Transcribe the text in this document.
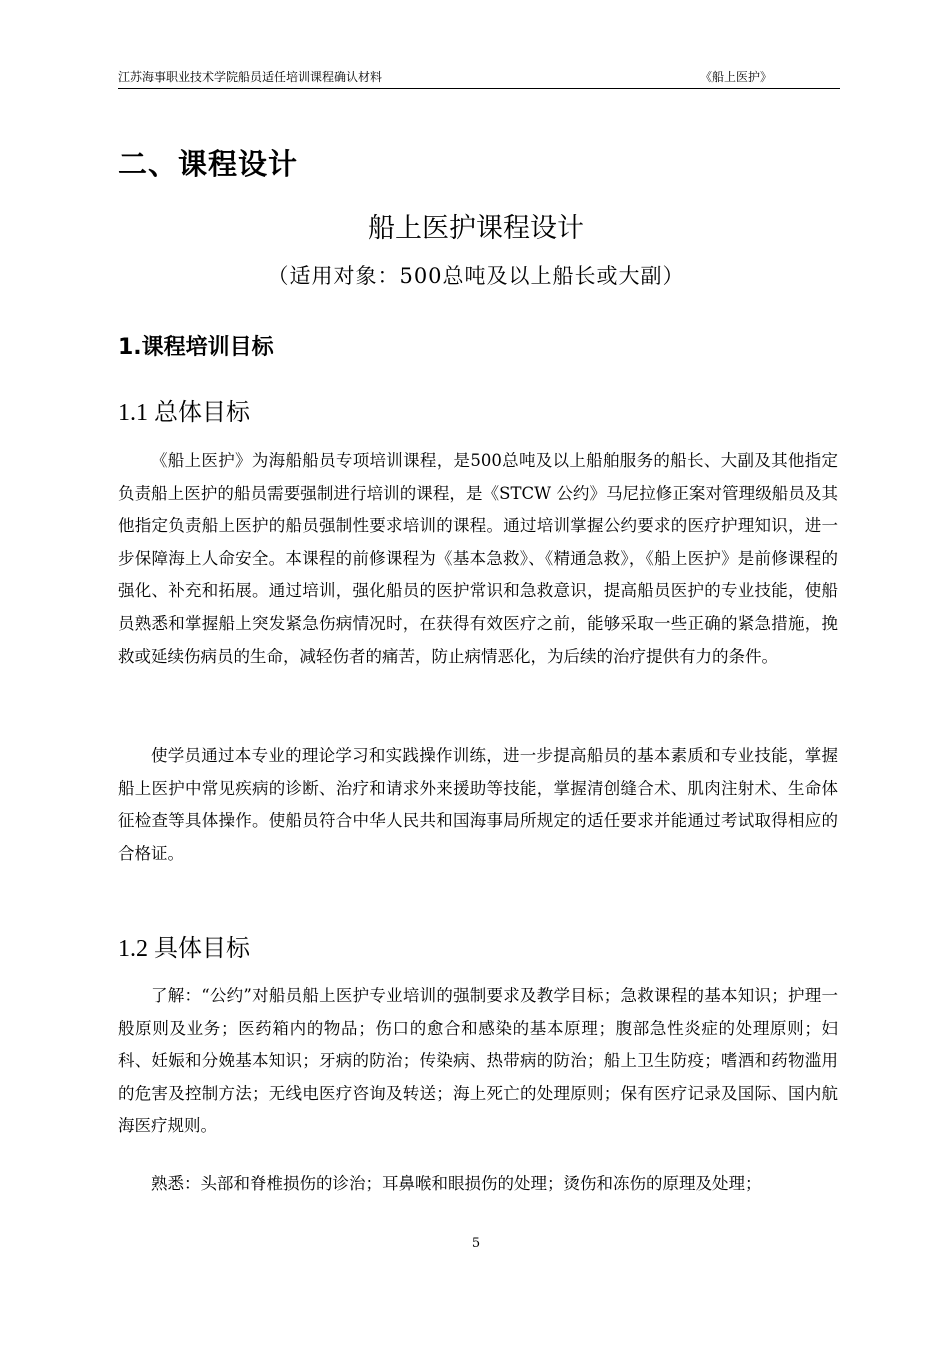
江苏海事职业技术学院船员适任培训课程确认材料	《船上医护》
二、课程设计
船上医护课程设计
（适用对象：500总吨及以上船长或大副）
1.课程培训目标
1.1 总体目标

《船上医护》为海船船员专项培训课程，是500总吨及以上船舶服务的船长、大副及其他指定负责船上医护的船员需要强制进行培训的课程，是《STCW 公约》马尼拉修正案对管理级船员及其他指定负责船上医护的船员强制性要求培训的课程。通过培训掌握公约要求的医疗护理知识，进一步保障海上人命安全。本课程的前修课程为《基本急救》、《精通急救》，《船上医护》是前修课程的强化、补充和拓展。通过培训，强化船员的医护常识和急救意识，提高船员医护的专业技能，使船员熟悉和掌握船上突发紧急伤病情况时，在获得有效医疗之前，能够采取一些正确的紧急措施，挽救或延续伤病员的生命，减轻伤者的痛苦，防止病情恶化，为后续的治疗提供有力的条件。

使学员通过本专业的理论学习和实践操作训练，进一步提高船员的基本素质和专业技能，掌握船上医护中常见疾病的诊断、治疗和请求外来援助等技能，掌握清创缝合术、肌肉注射术、生命体征检查等具体操作。使船员符合中华人民共和国海事局所规定的适任要求并能通过考试取得相应的合格证。

1.2 具体目标

了解：“公约”对船员船上医护专业培训的强制要求及教学目标；急救课程的基本知识；护理一般原则及业务；医药箱内的物品；伤口的愈合和感染的基本原理；腹部急性炎症的处理原则；妇科、妊娠和分娩基本知识；牙病的防治；传染病、热带病的防治；船上卫生防疫；嗜酒和药物滥用的危害及控制方法；无线电医疗咨询及转送；海上死亡的处理原则；保有医疗记录及国际、国内航海医疗规则。

熟悉：头部和脊椎损伤的诊治；耳鼻喉和眼损伤的处理；烫伤和冻伤的原理及处理；

5
